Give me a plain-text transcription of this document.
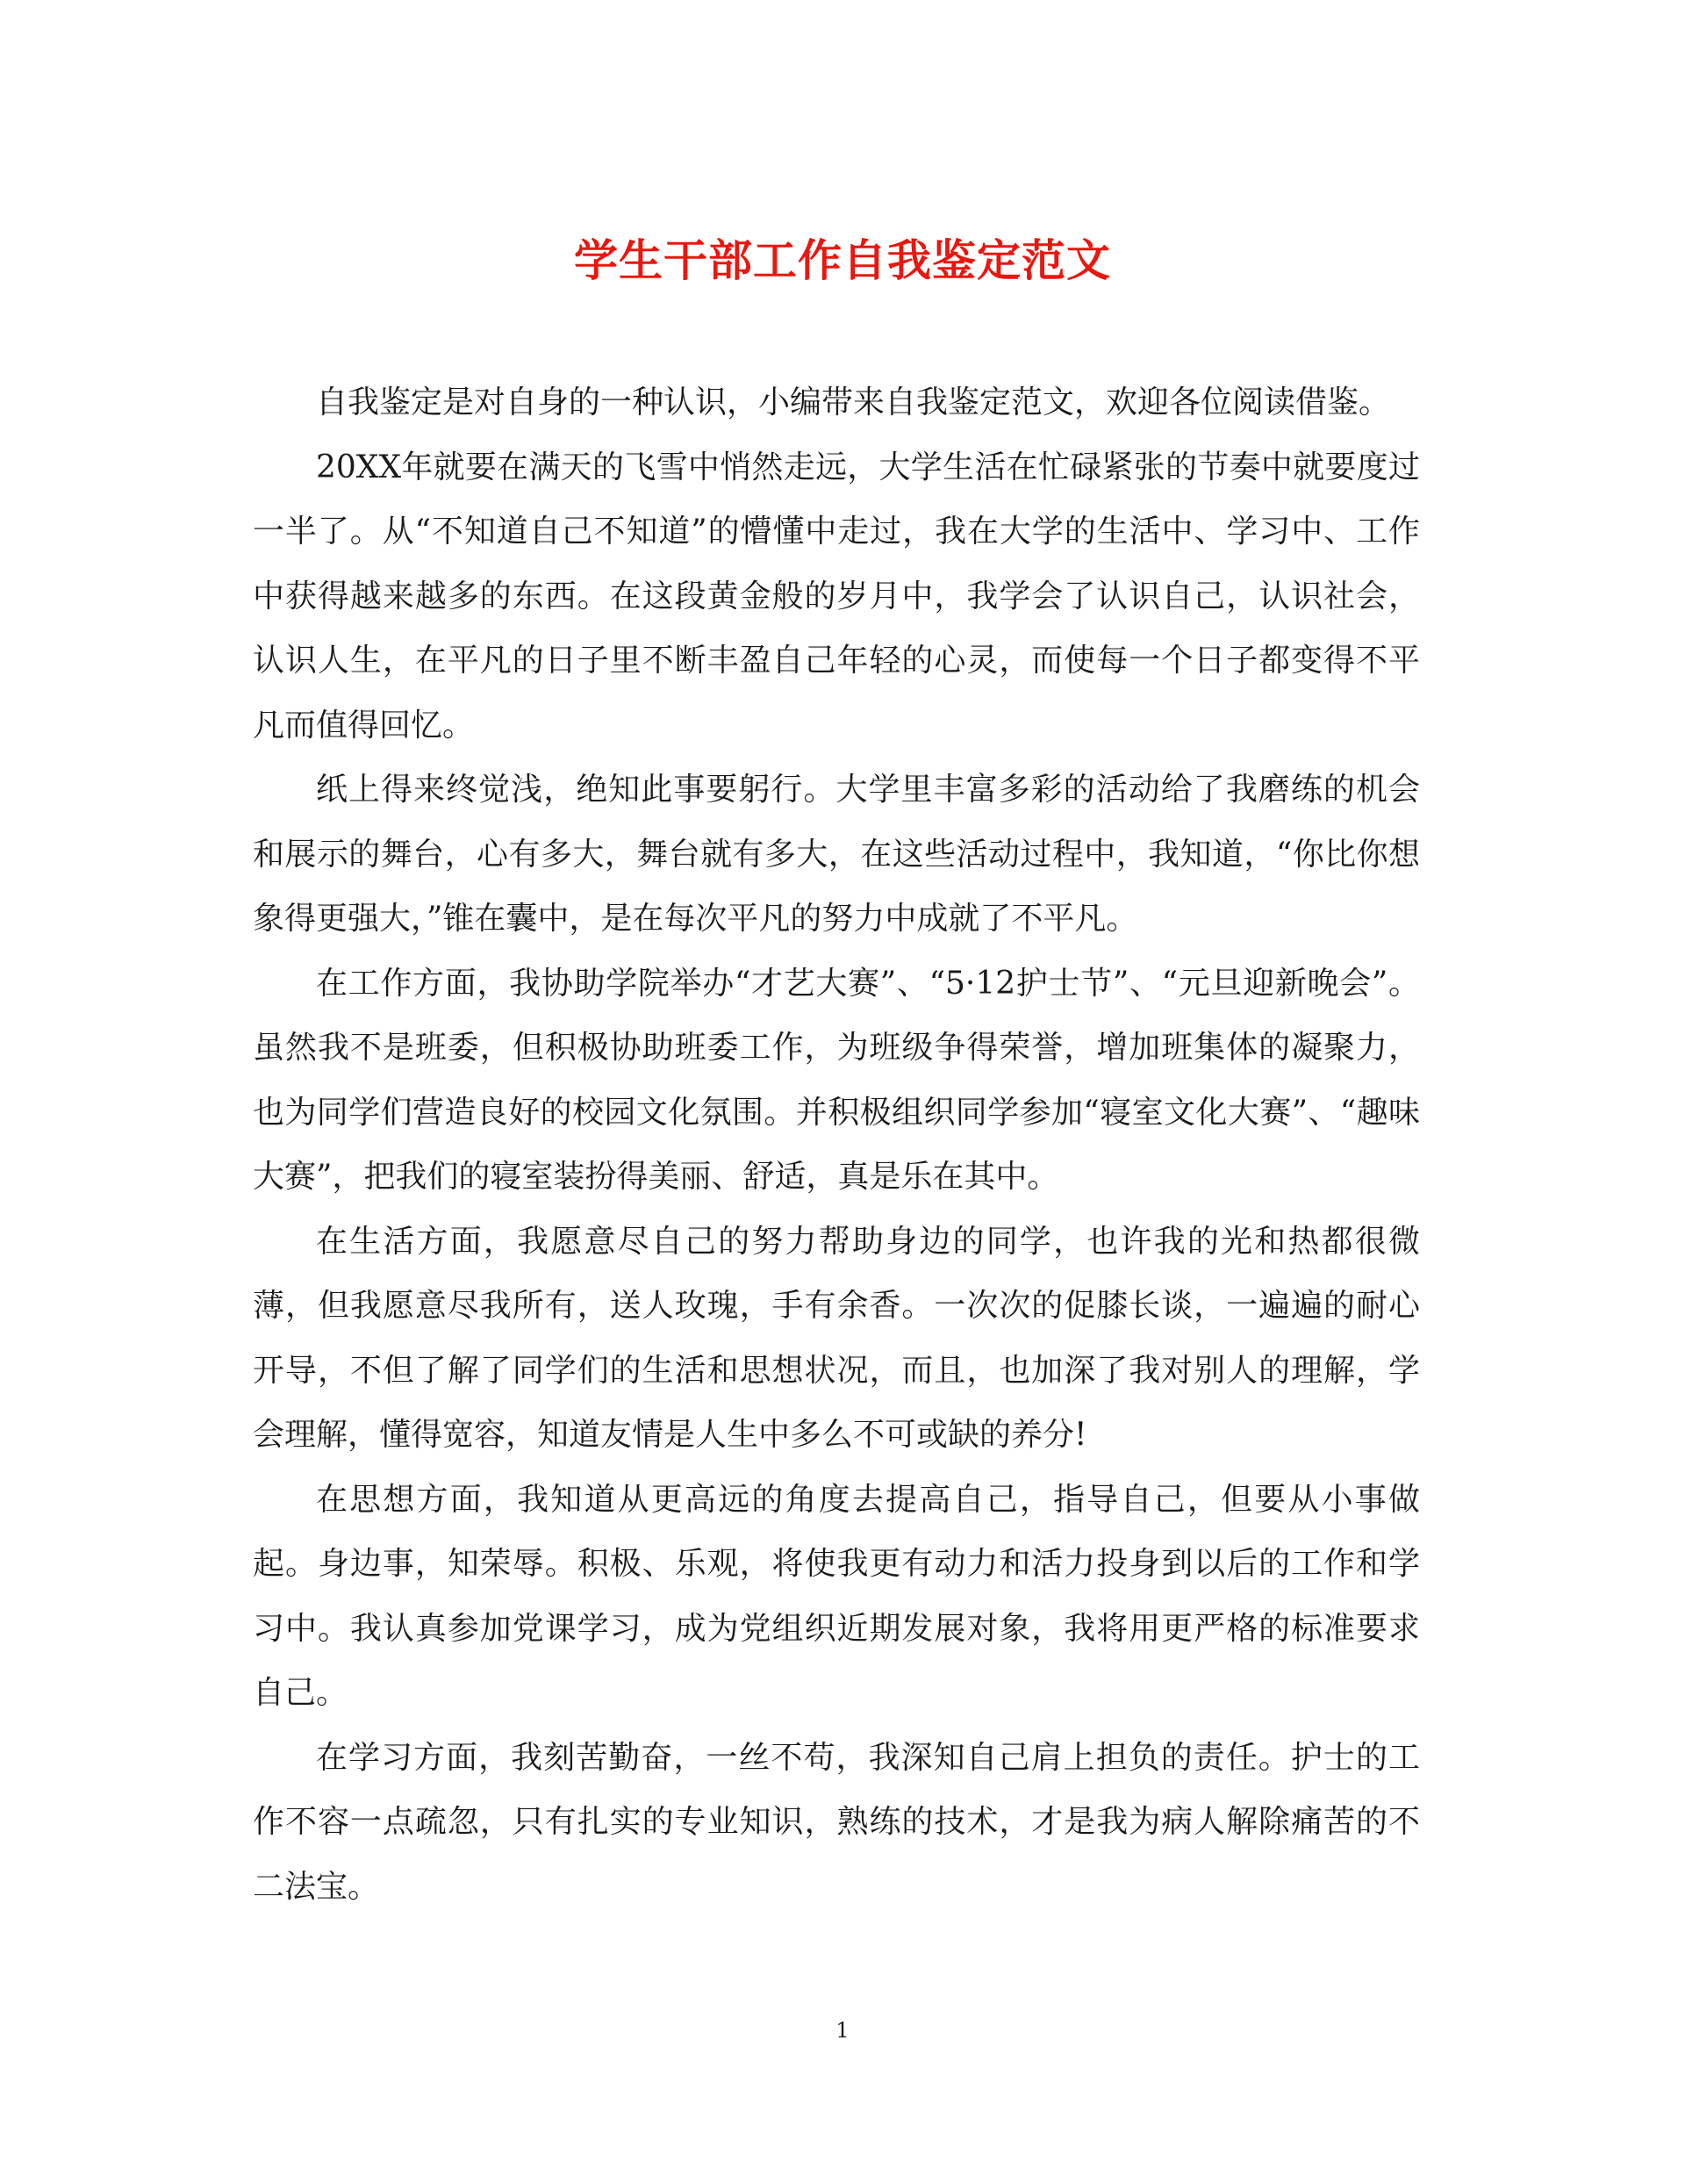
学生干部工作自我鉴定范文

自我鉴定是对自身的一种认识，小编带来自我鉴定范文，欢迎各位阅读借鉴。

20XX年就要在满天的飞雪中悄然走远，大学生活在忙碌紧张的节奏中就要度过一半了。从“不知道自己不知道”的懵懂中走过，我在大学的生活中、学习中、工作中获得越来越多的东西。在这段黄金般的岁月中，我学会了认识自己，认识社会，认识人生，在平凡的日子里不断丰盈自己年轻的心灵，而使每一个日子都变得不平凡而值得回忆。

纸上得来终觉浅，绝知此事要躬行。大学里丰富多彩的活动给了我磨练的机会和展示的舞台，心有多大，舞台就有多大，在这些活动过程中，我知道，“你比你想象得更强大，”锥在囊中，是在每次平凡的努力中成就了不平凡。

在工作方面，我协助学院举办“才艺大赛”、“5·12护士节”、“元旦迎新晚会”。虽然我不是班委，但积极协助班委工作，为班级争得荣誉，增加班集体的凝聚力，也为同学们营造良好的校园文化氛围。并积极组织同学参加“寝室文化大赛”、“趣味大赛”，把我们的寝室装扮得美丽、舒适，真是乐在其中。

在生活方面，我愿意尽自己的努力帮助身边的同学，也许我的光和热都很微薄，但我愿意尽我所有，送人玫瑰，手有余香。一次次的促膝长谈，一遍遍的耐心开导，不但了解了同学们的生活和思想状况，而且，也加深了我对别人的理解，学会理解，懂得宽容，知道友情是人生中多么不可或缺的养分!

在思想方面，我知道从更高远的角度去提高自己，指导自己，但要从小事做起。身边事，知荣辱。积极、乐观，将使我更有动力和活力投身到以后的工作和学习中。我认真参加党课学习，成为党组织近期发展对象，我将用更严格的标准要求自己。

在学习方面，我刻苦勤奋，一丝不苟，我深知自己肩上担负的责任。护士的工作不容一点疏忽，只有扎实的专业知识，熟练的技术，才是我为病人解除痛苦的不二法宝。

1
